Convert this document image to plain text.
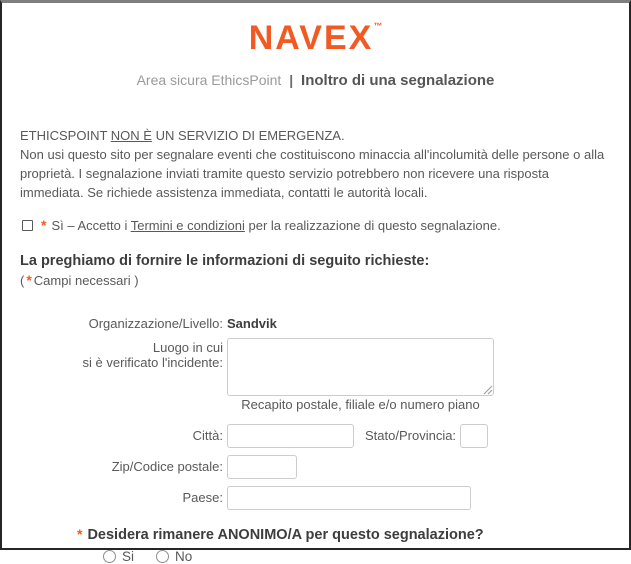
NAVEX™
Area sicura EthicsPoint | Inoltro di una segnalazione
ETHICSPOINT NON È UN SERVIZIO DI EMERGENZA.
Non usi questo sito per segnalare eventi che costituiscono minaccia all'incolumità delle persone o alla proprietà. I segnalazione inviati tramite questo servizio potrebbero non ricevere una risposta immediata. Se richiede assistenza immediata, contatti le autorità locali.
* Sì – Accetto i Termini e condizioni per la realizzazione di questo segnalazione.
La preghiamo di fornire le informazioni di seguito richieste:
( * Campi necessari )
Organizzazione/Livello: Sandvik
Luogo in cui
si è verificato l'incidente:
Recapito postale, filiale e/o numero piano
Città:	Stato/Provincia:
Zip/Codice postale:
Paese:
* Desidera rimanere ANONIMO/A per questo segnalazione?
Si	No
